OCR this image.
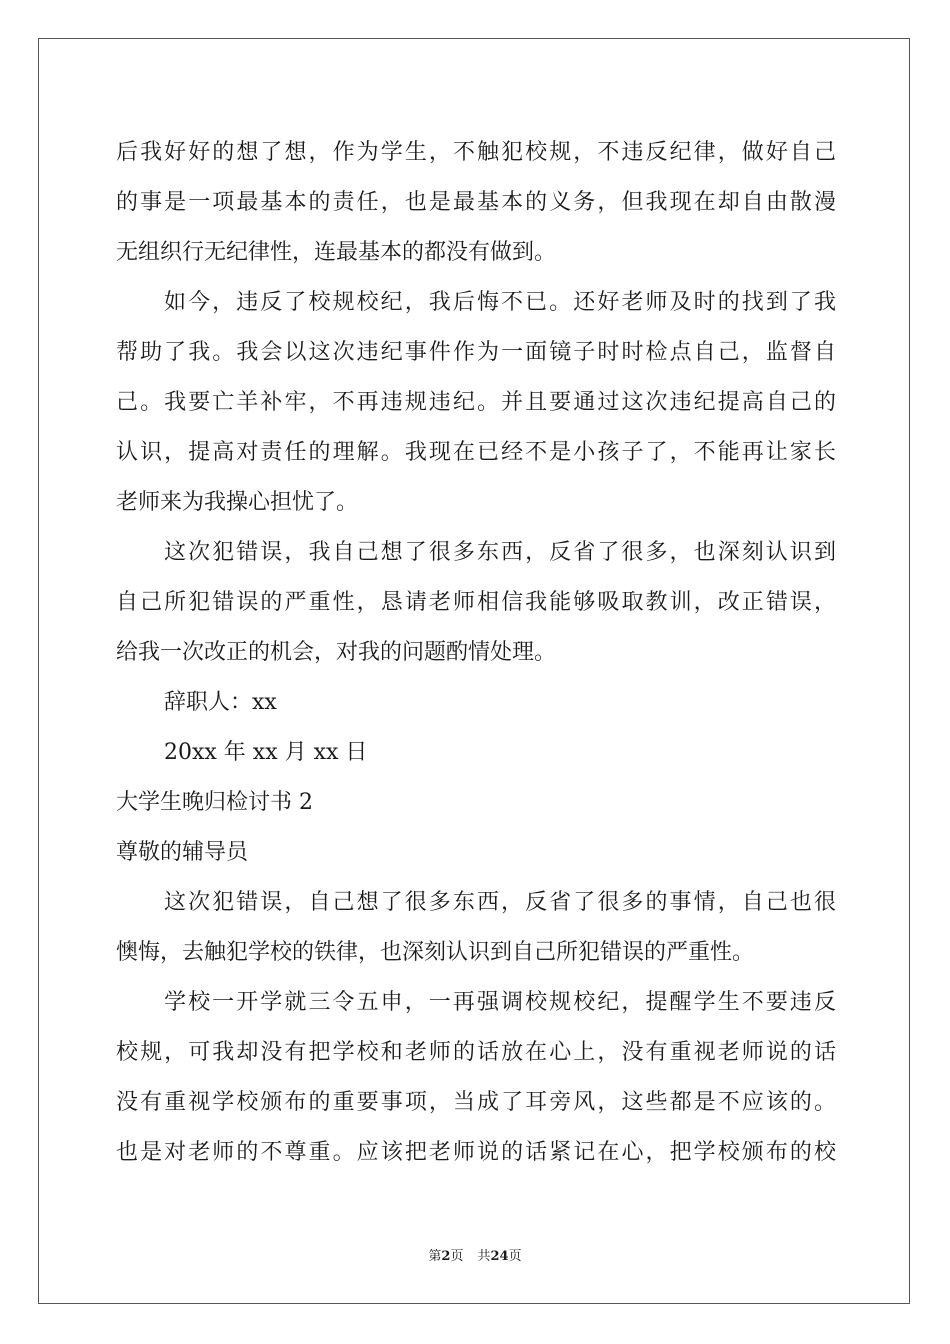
后我好好的想了想，作为学生，不触犯校规，不违反纪律，做好自己
的事是一项最基本的责任，也是最基本的义务，但我现在却自由散漫
无组织行无纪律性，连最基本的都没有做到。
如今，违反了校规校纪，我后悔不已。还好老师及时的找到了我
帮助了我。我会以这次违纪事件作为一面镜子时时检点自己，监督自
己。我要亡羊补牢，不再违规违纪。并且要通过这次违纪提高自己的
认识，提高对责任的理解。我现在已经不是小孩子了，不能再让家长
老师来为我操心担忧了。
这次犯错误，我自己想了很多东西，反省了很多，也深刻认识到
自己所犯错误的严重性，恳请老师相信我能够吸取教训，改正错误，
给我一次改正的机会，对我的问题酌情处理。
辞职人：xx
20xx 年 xx 月 xx 日
大学生晚归检讨书 2
尊敬的辅导员
这次犯错误，自己想了很多东西，反省了很多的事情，自己也很
懊悔，去触犯学校的铁律，也深刻认识到自己所犯错误的严重性。
学校一开学就三令五申，一再强调校规校纪，提醒学生不要违反
校规，可我却没有把学校和老师的话放在心上，没有重视老师说的话
没有重视学校颁布的重要事项，当成了耳旁风，这些都是不应该的。
也是对老师的不尊重。应该把老师说的话紧记在心，把学校颁布的校
第2页 共24页
